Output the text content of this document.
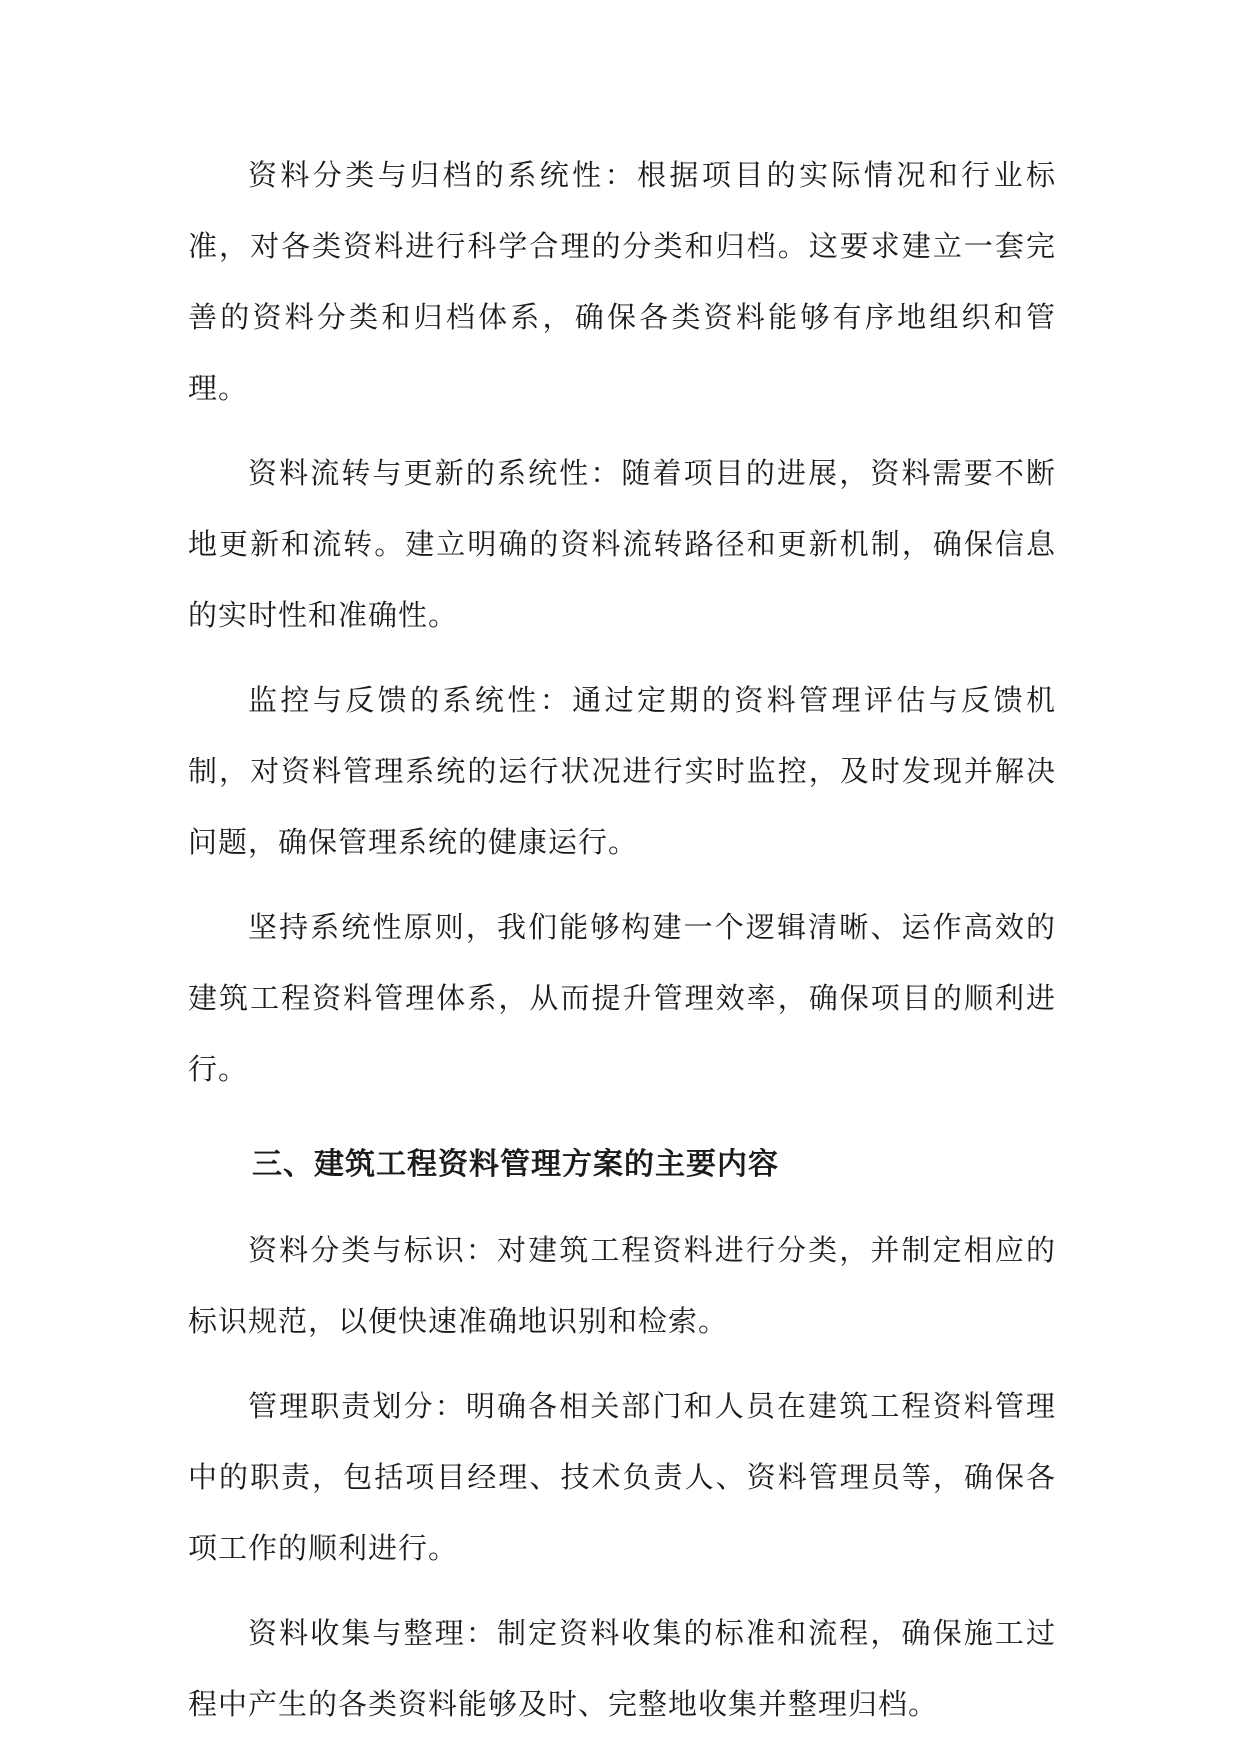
资料分类与归档的系统性：根据项目的实际情况和行业标准，对各类资料进行科学合理的分类和归档。这要求建立一套完善的资料分类和归档体系，确保各类资料能够有序地组织和管理。

资料流转与更新的系统性：随着项目的进展，资料需要不断地更新和流转。建立明确的资料流转路径和更新机制，确保信息的实时性和准确性。

监控与反馈的系统性：通过定期的资料管理评估与反馈机制，对资料管理系统的运行状况进行实时监控，及时发现并解决问题，确保管理系统的健康运行。

坚持系统性原则，我们能够构建一个逻辑清晰、运作高效的建筑工程资料管理体系，从而提升管理效率，确保项目的顺利进行。

三、建筑工程资料管理方案的主要内容

资料分类与标识：对建筑工程资料进行分类，并制定相应的标识规范，以便快速准确地识别和检索。

管理职责划分：明确各相关部门和人员在建筑工程资料管理中的职责，包括项目经理、技术负责人、资料管理员等，确保各项工作的顺利进行。

资料收集与整理：制定资料收集的标准和流程，确保施工过程中产生的各类资料能够及时、完整地收集并整理归档。
